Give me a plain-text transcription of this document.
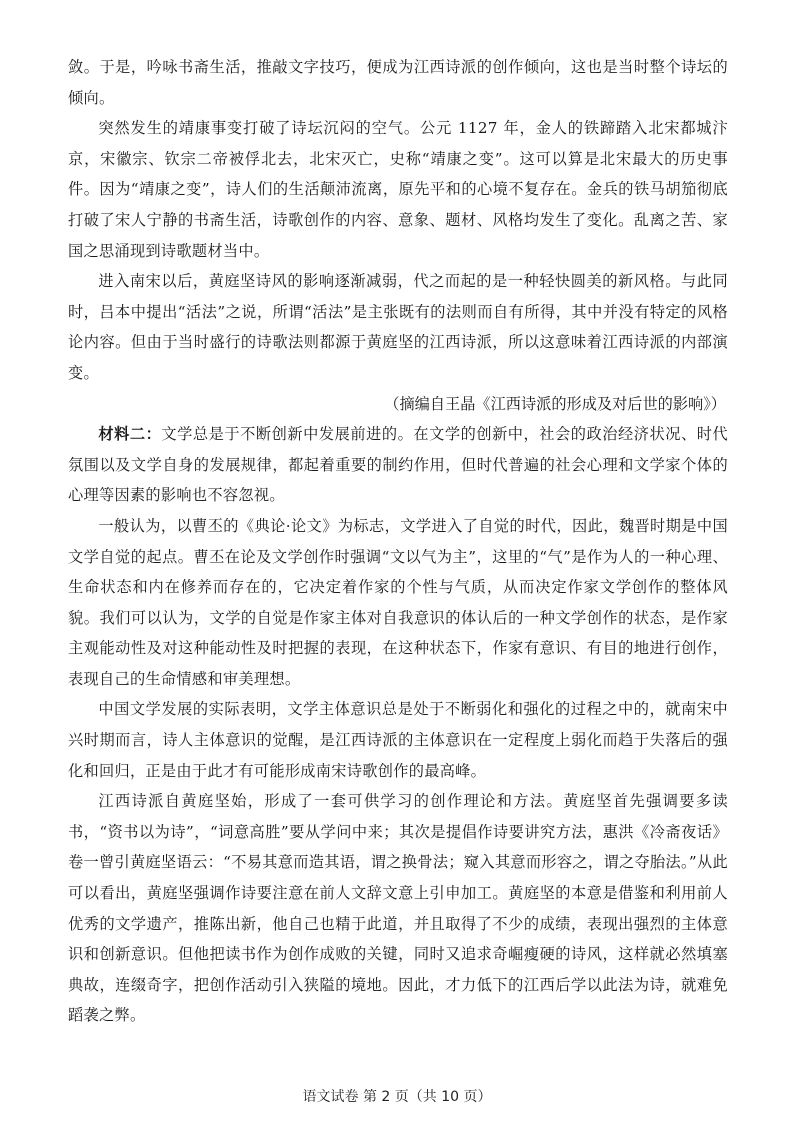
敛。于是，吟咏书斋生活，推敲文字技巧，便成为江西诗派的创作倾向，这也是当时整个诗坛的倾向。

突然发生的靖康事变打破了诗坛沉闷的空气。公元 1127 年，金人的铁蹄踏入北宋都城汴京，宋徽宗、钦宗二帝被俘北去，北宋灭亡，史称“靖康之变”。这可以算是北宋最大的历史事件。因为“靖康之变”，诗人们的生活颠沛流离，原先平和的心境不复存在。金兵的铁马胡笳彻底打破了宋人宁静的书斋生活，诗歌创作的内容、意象、题材、风格均发生了变化。乱离之苦、家国之思涌现到诗歌题材当中。

进入南宋以后，黄庭坚诗风的影响逐渐减弱，代之而起的是一种轻快圆美的新风格。与此同时，吕本中提出“活法”之说，所谓“活法”是主张既有的法则而自有所得，其中并没有特定的风格论内容。但由于当时盛行的诗歌法则都源于黄庭坚的江西诗派，所以这意味着江西诗派的内部演变。

（摘编自王晶《江西诗派的形成及对后世的影响》）

材料二：文学总是于不断创新中发展前进的。在文学的创新中，社会的政治经济状况、时代氛围以及文学自身的发展规律，都起着重要的制约作用，但时代普遍的社会心理和文学家个体的心理等因素的影响也不容忽视。

一般认为，以曹丕的《典论·论文》为标志，文学进入了自觉的时代，因此，魏晋时期是中国文学自觉的起点。曹丕在论及文学创作时强调“文以气为主”，这里的“气”是作为人的一种心理、生命状态和内在修养而存在的，它决定着作家的个性与气质，从而决定作家文学创作的整体风貌。我们可以认为，文学的自觉是作家主体对自我意识的体认后的一种文学创作的状态，是作家主观能动性及对这种能动性及时把握的表现，在这种状态下，作家有意识、有目的地进行创作，表现自己的生命情感和审美理想。

中国文学发展的实际表明，文学主体意识总是处于不断弱化和强化的过程之中的，就南宋中兴时期而言，诗人主体意识的觉醒，是江西诗派的主体意识在一定程度上弱化而趋于失落后的强化和回归，正是由于此才有可能形成南宋诗歌创作的最高峰。

江西诗派自黄庭坚始，形成了一套可供学习的创作理论和方法。黄庭坚首先强调要多读书，“资书以为诗”，“词意高胜”要从学问中来；其次是提倡作诗要讲究方法，惠洪《冷斋夜话》卷一曾引黄庭坚语云：“不易其意而造其语，谓之换骨法；窥入其意而形容之，谓之夺胎法。”从此可以看出，黄庭坚强调作诗要注意在前人文辞文意上引申加工。黄庭坚的本意是借鉴和利用前人优秀的文学遗产，推陈出新，他自己也精于此道，并且取得了不少的成绩，表现出强烈的主体意识和创新意识。但他把读书作为创作成败的关键，同时又追求奇崛瘦硬的诗风，这样就必然填塞典故，连缀奇字，把创作活动引入狭隘的境地。因此，才力低下的江西后学以此法为诗，就难免蹈袭之弊。

语文试卷 第 2 页（共 10 页）
